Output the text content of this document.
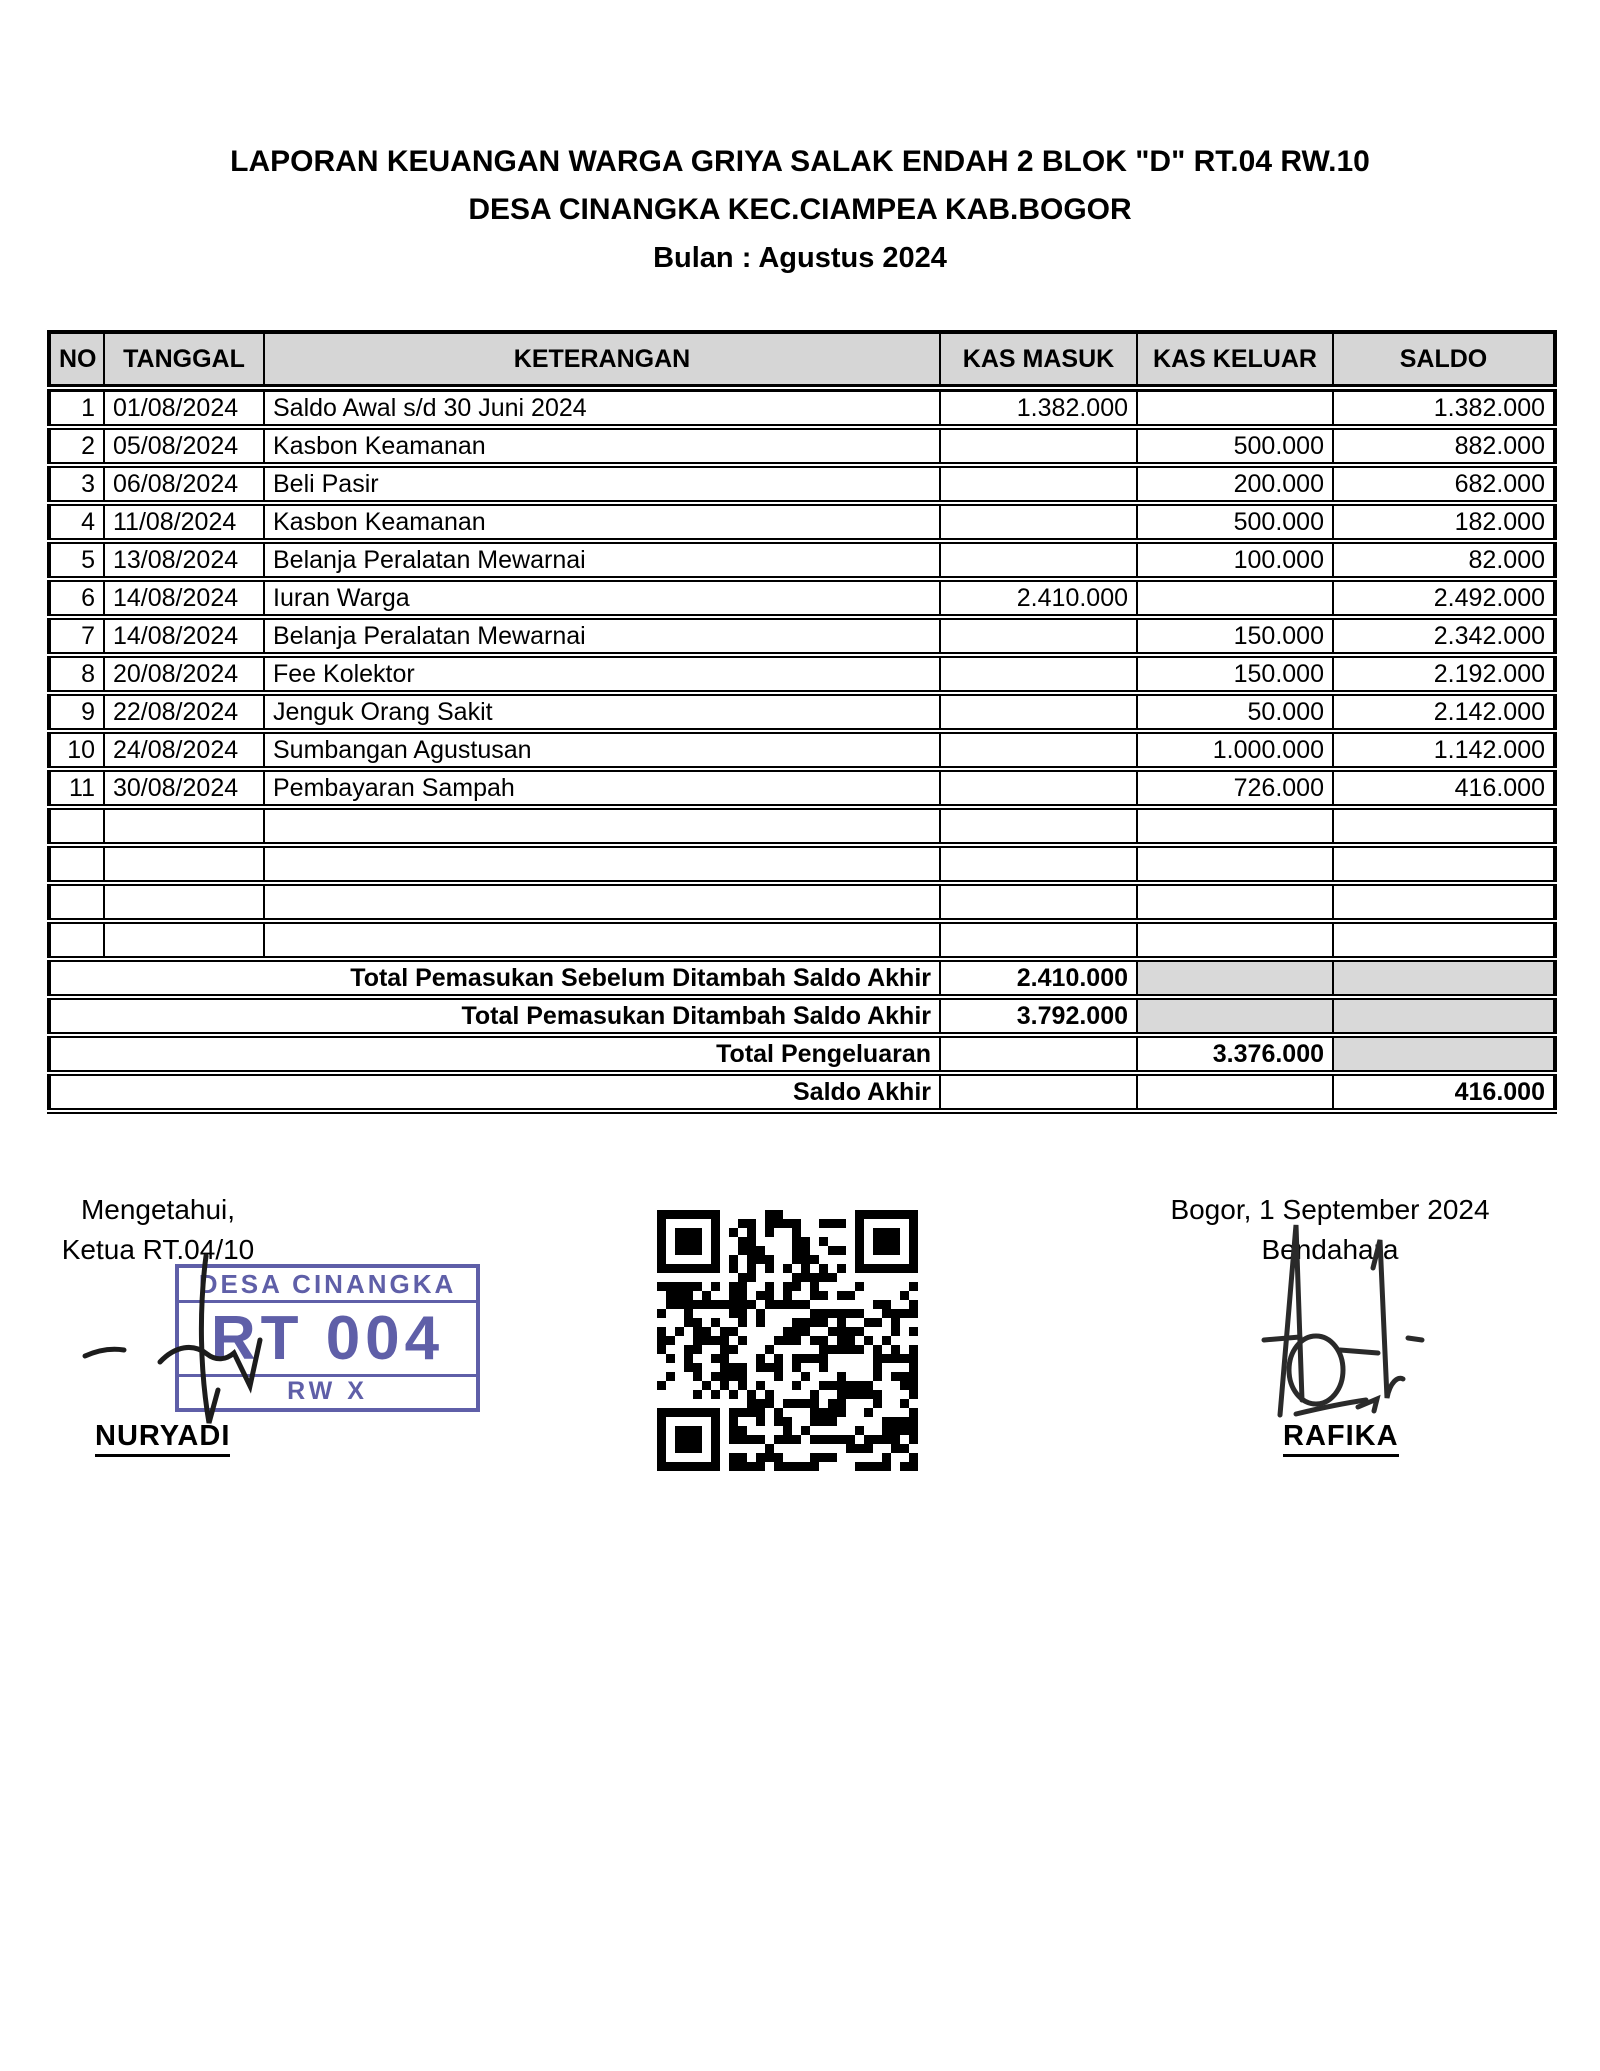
LAPORAN KEUANGAN WARGA GRIYA SALAK ENDAH 2 BLOK "D" RT.04 RW.10
DESA CINANGKA KEC.CIAMPEA KAB.BOGOR
Bulan : Agustus 2024
NO	TANGGAL	KETERANGAN	KAS MASUK	KAS KELUAR	SALDO
1	01/08/2024	Saldo Awal s/d 30 Juni 2024	1.382.000		1.382.000
2	05/08/2024	Kasbon Keamanan		500.000	882.000
3	06/08/2024	Beli Pasir		200.000	682.000
4	11/08/2024	Kasbon Keamanan		500.000	182.000
5	13/08/2024	Belanja Peralatan Mewarnai		100.000	82.000
6	14/08/2024	Iuran Warga	2.410.000		2.492.000
7	14/08/2024	Belanja Peralatan Mewarnai		150.000	2.342.000
8	20/08/2024	Fee Kolektor		150.000	2.192.000
9	22/08/2024	Jenguk Orang Sakit		50.000	2.142.000
10	24/08/2024	Sumbangan Agustusan		1.000.000	1.142.000
11	30/08/2024	Pembayaran Sampah		726.000	416.000

Total Pemasukan Sebelum Ditambah Saldo Akhir			2.410.000		
Total Pemasukan Ditambah Saldo Akhir			3.792.000		
Total Pengeluaran				3.376.000	
Saldo Akhir					416.000
Mengetahui,
Ketua RT.04/10
DESA CINANGKA
RT 004
RW X
NURYADI
Bogor, 1 September 2024
Bendahara
RAFIKA
